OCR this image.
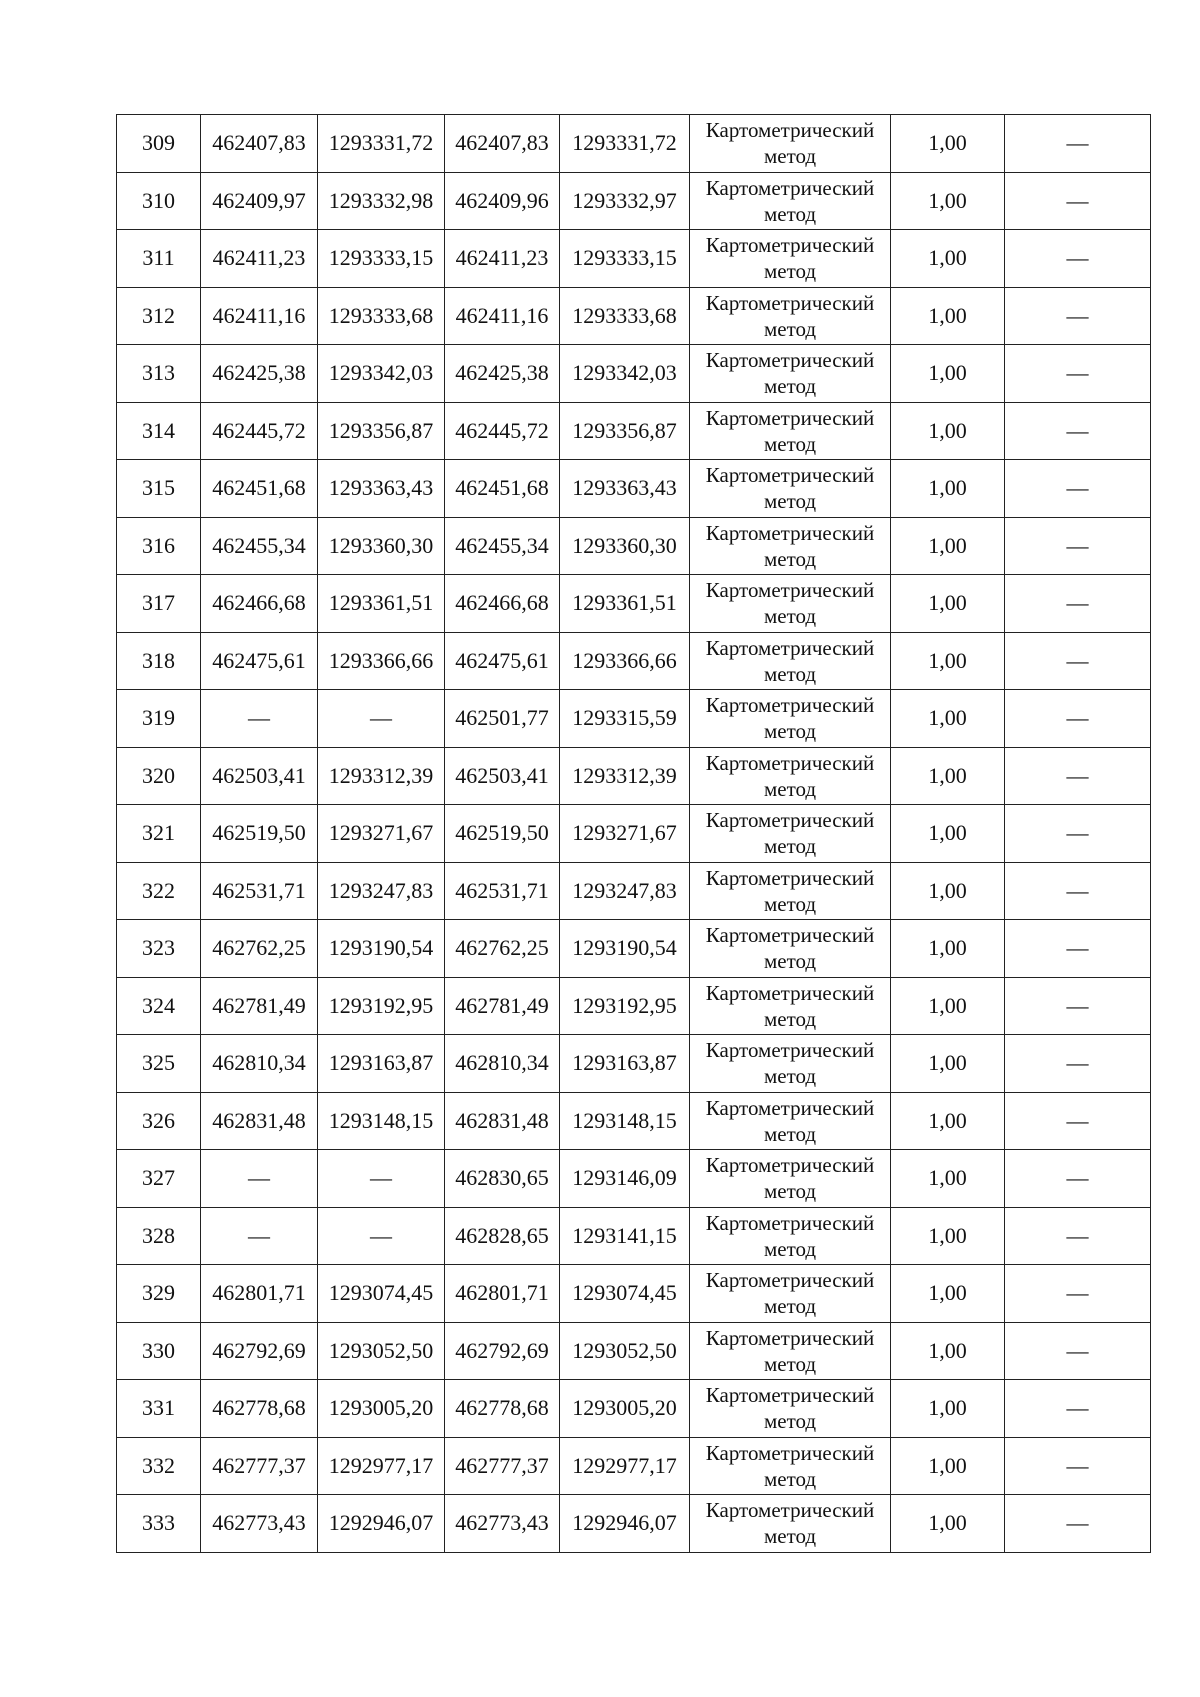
309	462407,83	1293331,72	462407,83	1293331,72	Картометрический
метод	1,00	—
310	462409,97	1293332,98	462409,96	1293332,97	Картометрический
метод	1,00	—
311	462411,23	1293333,15	462411,23	1293333,15	Картометрический
метод	1,00	—
312	462411,16	1293333,68	462411,16	1293333,68	Картометрический
метод	1,00	—
313	462425,38	1293342,03	462425,38	1293342,03	Картометрический
метод	1,00	—
314	462445,72	1293356,87	462445,72	1293356,87	Картометрический
метод	1,00	—
315	462451,68	1293363,43	462451,68	1293363,43	Картометрический
метод	1,00	—
316	462455,34	1293360,30	462455,34	1293360,30	Картометрический
метод	1,00	—
317	462466,68	1293361,51	462466,68	1293361,51	Картометрический
метод	1,00	—
318	462475,61	1293366,66	462475,61	1293366,66	Картометрический
метод	1,00	—
319	—	—	462501,77	1293315,59	Картометрический
метод	1,00	—
320	462503,41	1293312,39	462503,41	1293312,39	Картометрический
метод	1,00	—
321	462519,50	1293271,67	462519,50	1293271,67	Картометрический
метод	1,00	—
322	462531,71	1293247,83	462531,71	1293247,83	Картометрический
метод	1,00	—
323	462762,25	1293190,54	462762,25	1293190,54	Картометрический
метод	1,00	—
324	462781,49	1293192,95	462781,49	1293192,95	Картометрический
метод	1,00	—
325	462810,34	1293163,87	462810,34	1293163,87	Картометрический
метод	1,00	—
326	462831,48	1293148,15	462831,48	1293148,15	Картометрический
метод	1,00	—
327	—	—	462830,65	1293146,09	Картометрический
метод	1,00	—
328	—	—	462828,65	1293141,15	Картометрический
метод	1,00	—
329	462801,71	1293074,45	462801,71	1293074,45	Картометрический
метод	1,00	—
330	462792,69	1293052,50	462792,69	1293052,50	Картометрический
метод	1,00	—
331	462778,68	1293005,20	462778,68	1293005,20	Картометрический
метод	1,00	—
332	462777,37	1292977,17	462777,37	1292977,17	Картометрический
метод	1,00	—
333	462773,43	1292946,07	462773,43	1292946,07	Картометрический
метод	1,00	—
